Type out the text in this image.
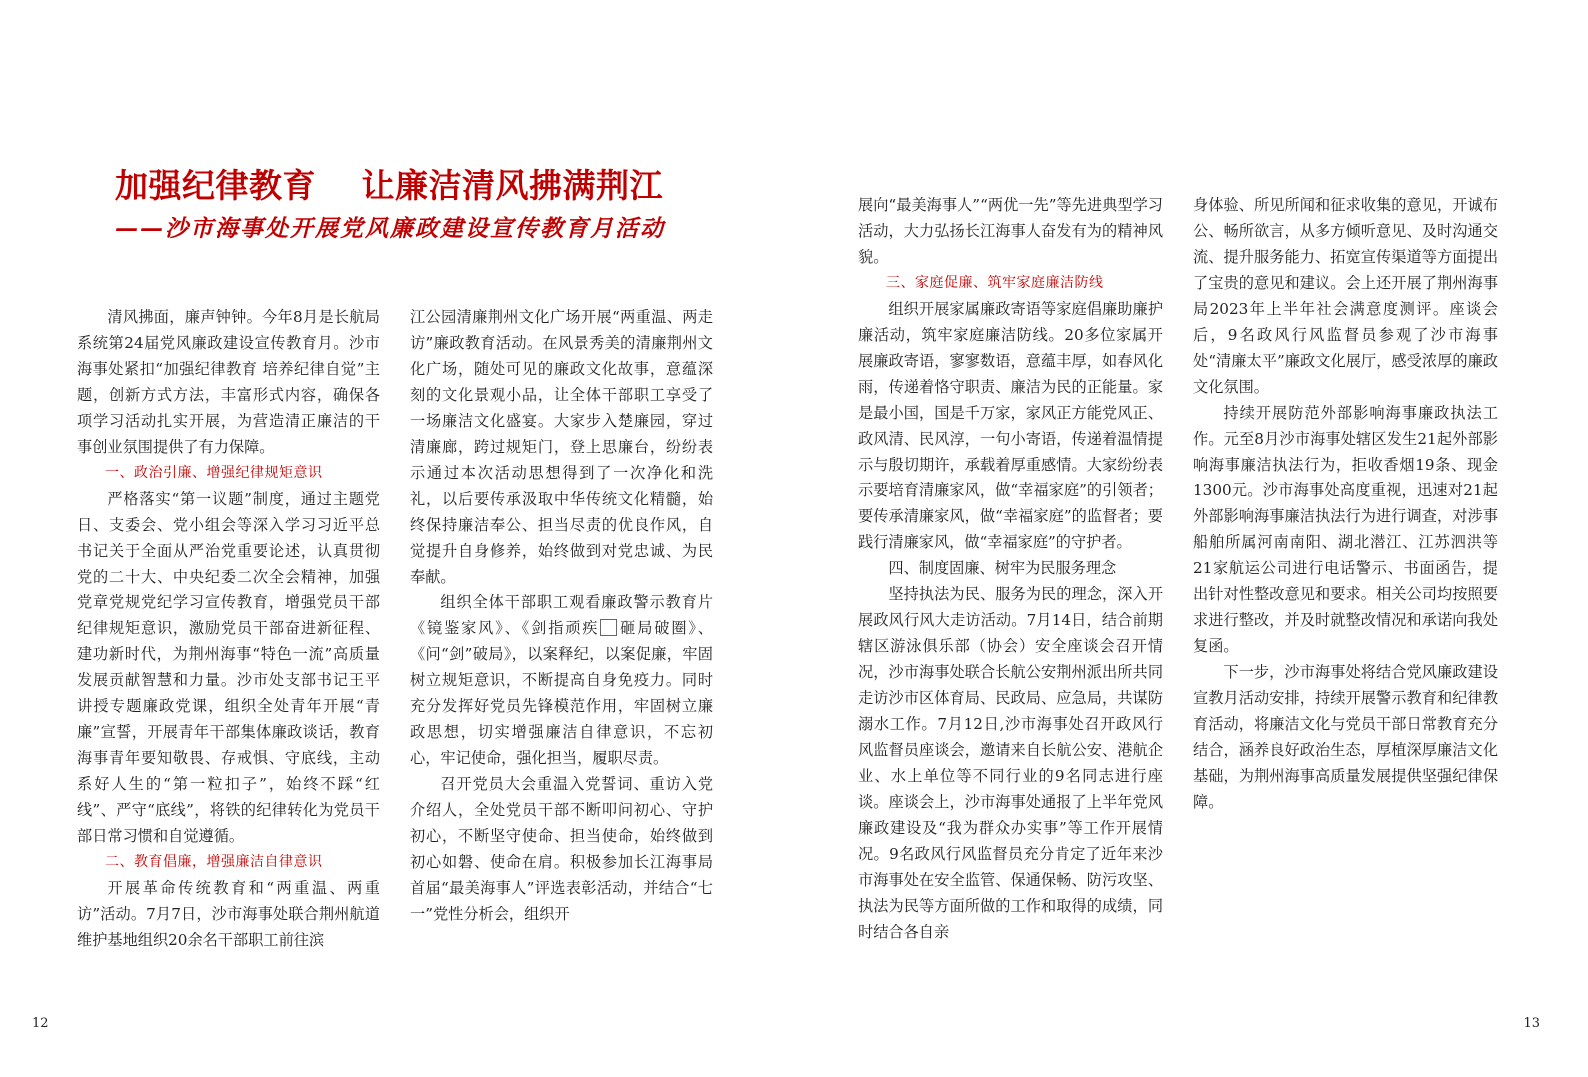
加强纪律教育　 让廉洁清风拂满荆江
——沙市海事处开展党风廉政建设宣传教育月活动

清风拂面，廉声钟钟。今年8月是长航局系统第24届党风廉政建设宣传教育月。沙市海事处紧扣“加强纪律教育 培养纪律自觉”主题，创新方式方法，丰富形式内容，确保各项学习活动扎实开展，为营造清正廉洁的干事创业氛围提供了有力保障。

一、政治引廉、增强纪律规矩意识

严格落实“第一议题”制度，通过主题党日、支委会、党小组会等深入学习习近平总书记关于全面从严治党重要论述，认真贯彻党的二十大、中央纪委二次全会精神，加强党章党规党纪学习宣传教育，增强党员干部纪律规矩意识，激励党员干部奋进新征程、建功新时代，为荆州海事“特色一流”高质量发展贡献智慧和力量。沙市处支部书记王平讲授专题廉政党课，组织全处青年开展“青廉”宣誓，开展青年干部集体廉政谈话，教育海事青年要知敬畏、存戒惧、守底线，主动系好人生的“第一粒扣子”，始终不踩“红线”、严守“底线”，将铁的纪律转化为党员干部日常习惯和自觉遵循。

二、教育倡廉，增强廉洁自律意识

开展革命传统教育和“两重温、两重访”活动。7月7日，沙市海事处联合荆州航道维护基地组织20余名干部职工前往滨

江公园清廉荆州文化广场开展“两重温、两走访”廉政教育活动。在风景秀美的清廉荆州文化广场，随处可见的廉政文化故事，意蕴深刻的文化景观小品，让全体干部职工享受了一场廉洁文化盛宴。大家步入楚廉园，穿过清廉廊，跨过规矩门，登上思廉台，纷纷表示通过本次活动思想得到了一次净化和洗礼，以后要传承汲取中华传统文化精髓，始终保持廉洁奉公、担当尽责的优良作风，自觉提升自身修养，始终做到对党忠诚、为民奉献。

组织全体干部职工观看廉政警示教育片《镜鉴家风》、《剑指顽疾 砸局破圈》、《问“剑”破局》，以案释纪，以案促廉，牢固树立规矩意识，不断提高自身免疫力。同时充分发挥好党员先锋模范作用，牢固树立廉政思想，切实增强廉洁自律意识，不忘初心，牢记使命，强化担当，履职尽责。

召开党员大会重温入党誓词、重访入党介绍人，全处党员干部不断叩问初心、守护初心，不断坚守使命、担当使命，始终做到初心如磐、使命在肩。积极参加长江海事局首届“最美海事人”评选表彰活动，并结合“七一”党性分析会，组织开

展向“最美海事人”“两优一先”等先进典型学习活动，大力弘扬长江海事人奋发有为的精神风貌。

三、家庭促廉、筑牢家庭廉洁防线

组织开展家属廉政寄语等家庭倡廉助廉护廉活动，筑牢家庭廉洁防线。20多位家属开展廉政寄语，寥寥数语，意蕴丰厚，如春风化雨，传递着恪守职责、廉洁为民的正能量。家是最小国，国是千万家，家风正方能党风正、政风清、民风淳，一句小寄语，传递着温情提示与殷切期许，承载着厚重感情。大家纷纷表示要培育清廉家风，做“幸福家庭”的引领者；要传承清廉家风，做“幸福家庭”的监督者；要践行清廉家风，做“幸福家庭”的守护者。

四、制度固廉、树牢为民服务理念

坚持执法为民、服务为民的理念，深入开展政风行风大走访活动。7月14日，结合前期辖区游泳俱乐部（协会）安全座谈会召开情况，沙市海事处联合长航公安荆州派出所共同走访沙市区体育局、民政局、应急局，共谋防溺水工作。7月12日,沙市海事处召开政风行风监督员座谈会，邀请来自长航公安、港航企业、水上单位等不同行业的9名同志进行座谈。座谈会上，沙市海事处通报了上半年党风廉政建设及“我为群众办实事”等工作开展情况。9名政风行风监督员充分肯定了近年来沙市海事处在安全监管、保通保畅、防污攻坚、执法为民等方面所做的工作和取得的成绩，同时结合各自亲

身体验、所见所闻和征求收集的意见，开诚布公、畅所欲言，从多方倾听意见、及时沟通交流、提升服务能力、拓宽宣传渠道等方面提出了宝贵的意见和建议。会上还开展了荆州海事局2023年上半年社会满意度测评。座谈会后，9名政风行风监督员参观了沙市海事处“清廉太平”廉政文化展厅，感受浓厚的廉政文化氛围。

持续开展防范外部影响海事廉政执法工作。元至8月沙市海事处辖区发生21起外部影响海事廉洁执法行为，拒收香烟19条、现金1300元。沙市海事处高度重视，迅速对21起外部影响海事廉洁执法行为进行调查，对涉事船舶所属河南南阳、湖北潜江、江苏泗洪等21家航运公司进行电话警示、书面函告，提出针对性整改意见和要求。相关公司均按照要求进行整改，并及时就整改情况和承诺向我处复函。

下一步，沙市海事处将结合党风廉政建设宣教月活动安排，持续开展警示教育和纪律教育活动，将廉洁文化与党员干部日常教育充分结合，涵养良好政治生态，厚植深厚廉洁文化基础，为荆州海事高质量发展提供坚强纪律保障。

12	13
